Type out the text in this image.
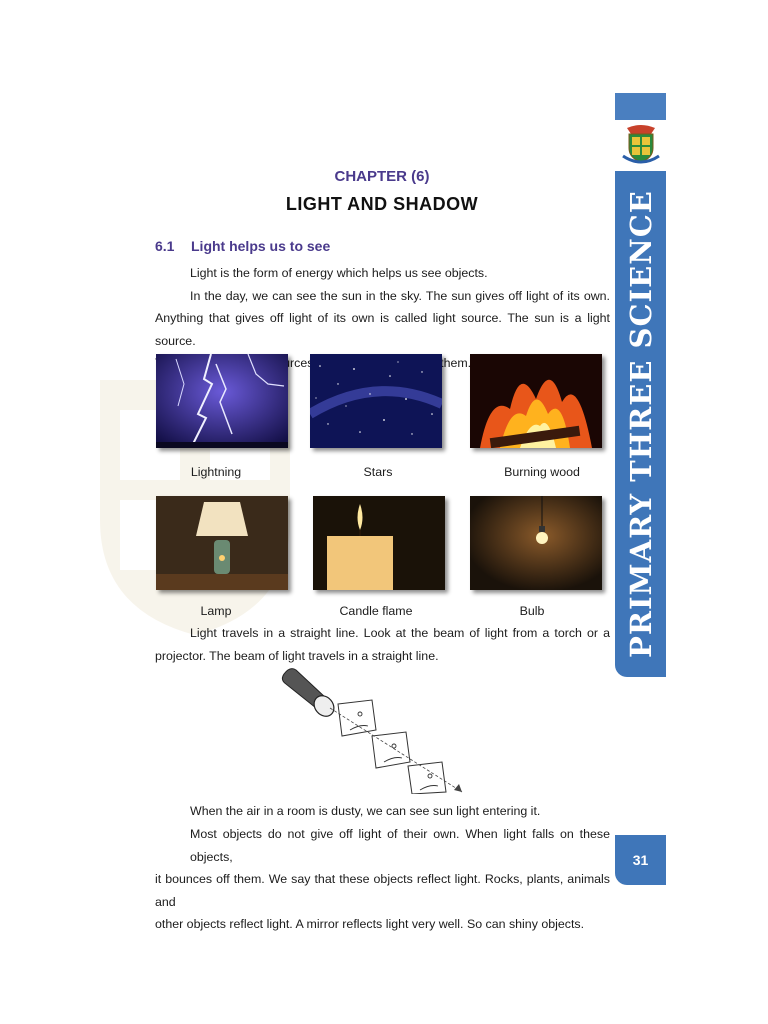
PRIMARY THREE SCIENCE
31
CHAPTER (6)
LIGHT AND SHADOW
6.1 Light helps us to see
Light is the form of energy which helps us see objects.
In the day, we can see the sun in the sky. The sun gives off light of its own.
Anything that gives off light of its own is called light source. The sun is a light source.
sources them.
Lightning	Stars	Burning wood
Lamp	Candle flame	Bulb
Light travels in a straight line. Look at the beam of light from a torch or a
projector. The beam of light travels in a straight line.
When the air in a room is dusty, we can see sun light entering it.
Most objects do not give off light of their own. When light falls on these objects,
it bounces off them. We say that these objects reflect light. Rocks, plants, animals and
other objects reflect light. A mirror reflects light very well. So can shiny objects.
